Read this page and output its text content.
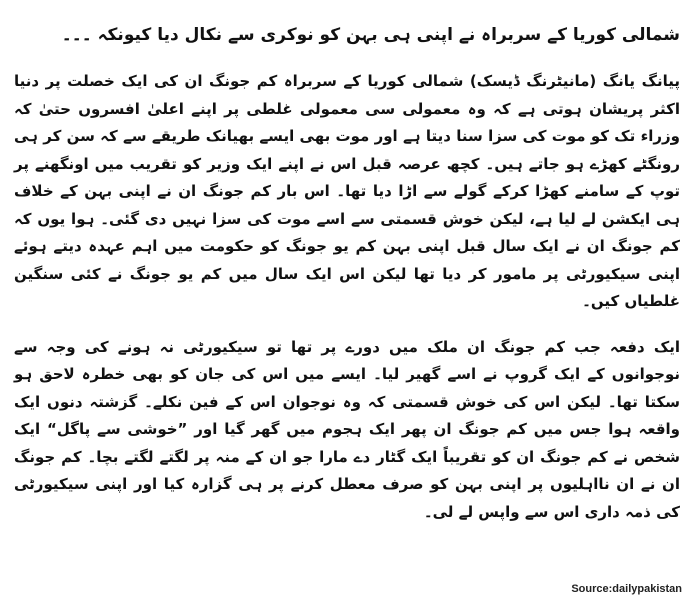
شمالی کوریا کے سربراہ نے اپنی ہی بہن کو نوکری سے نکال دیا کیونکہ ۔۔۔

پیانگ یانگ (مانیٹرنگ ڈیسک) شمالی کوریا کے سربراہ کم جونگ ان کی ایک خصلت پر دنیا اکثر پریشان ہوتی ہے کہ وہ معمولی سی معمولی غلطی پر اپنے اعلیٰ افسروں حتیٰ کہ وزراء تک کو موت کی سزا سنا دیتا ہے اور موت بھی ایسے بھیانک طریقے سے کہ سن کر ہی رونگٹے کھڑے ہو جاتے ہیں۔ کچھ عرصہ قبل اس نے اپنے ایک وزیر کو تقریب میں اونگھنے پر توپ کے سامنے کھڑا کرکے گولے سے اڑا دیا تھا۔ اس بار کم جونگ ان نے اپنی بہن کے خلاف ہی ایکشن لے لیا ہے، لیکن خوش قسمتی سے اسے موت کی سزا نہیں دی گئی۔ ہوا یوں کہ کم جونگ ان نے ایک سال قبل اپنی بہن کم یو جونگ کو حکومت میں اہم عہدہ دیتے ہوئے اپنی سیکیورٹی پر مامور کر دیا تھا لیکن اس ایک سال میں کم یو جونگ نے کئی سنگین غلطیاں کیں۔

ایک دفعہ جب کم جونگ ان ملک میں دورے پر تھا تو سیکیورٹی نہ ہونے کی وجہ سے نوجوانوں کے ایک گروپ نے اسے گھیر لیا۔ ایسے میں اس کی جان کو بھی خطرہ لاحق ہو سکتا تھا۔ لیکن اس کی خوش قسمتی کہ وہ نوجوان اس کے فین نکلے۔ گزشتہ دنوں ایک واقعہ ہوا جس میں کم جونگ ان پھر ایک ہجوم میں گھر گیا اور ”خوشی سے پاگل“ ایک شخص نے کم جونگ ان کو تقریباً ایک گٹار دے مارا جو ان کے منہ پر لگتے لگتے بچا۔ کم جونگ ان نے ان نااہلیوں پر اپنی بہن کو صرف معطل کرنے پر ہی گزارہ کیا اور اپنی سیکیورٹی کی ذمہ داری اس سے واپس لے لی۔

Source:dailypakistan
